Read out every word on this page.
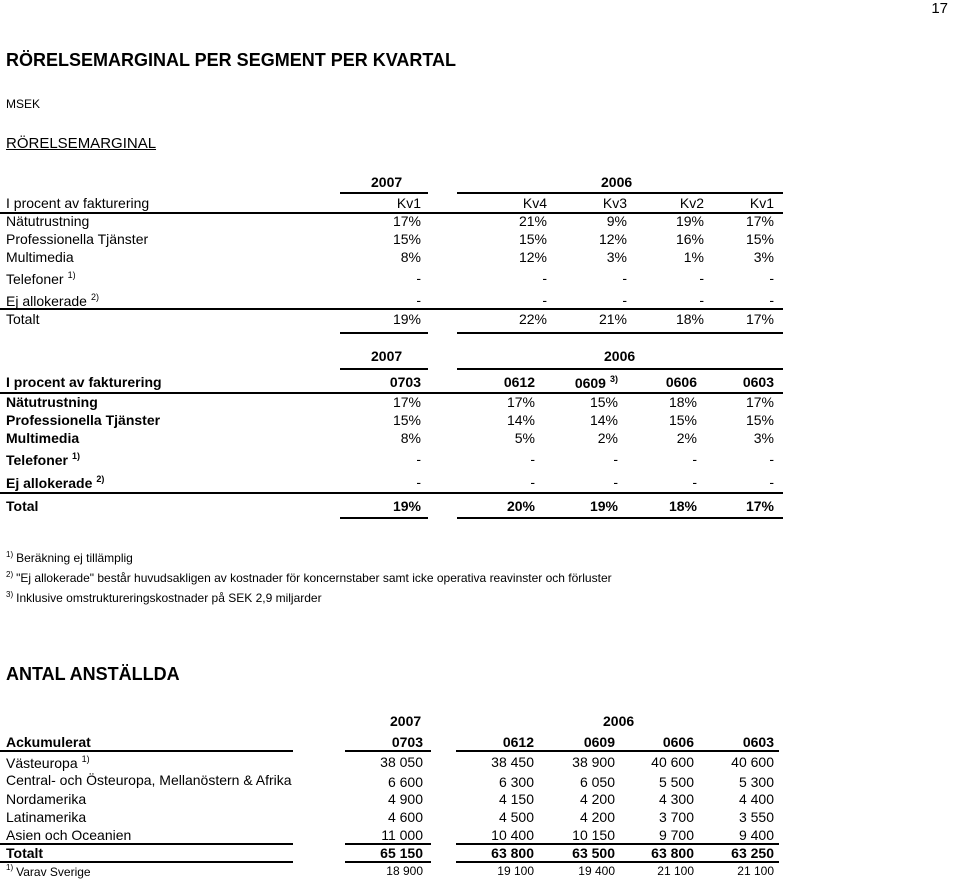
17
RÖRELSEMARGINAL PER SEGMENT PER KVARTAL
MSEK
RÖRELSEMARGINAL
2007	2006
I procent av fakturering	Kv1	Kv4	Kv3	Kv2	Kv1
Nätutrustning	17%	21%	9%	19%	17%
Professionella Tjänster	15%	15%	12%	16%	15%
Multimedia	8%	12%	3%	1%	3%
Telefoner $^{1)}$	-	-	-	-	-
Ej allokerade $^{2)}$	-	-	-	-	-
Totalt	19%	22%	21%	18%	17%
2007	2006
I procent av fakturering	0703	0612	0609 $^{3)}$	0606	0603
Nätutrustning	17%	17%	15%	18%	17%
Professionella Tjänster	15%	14%	14%	15%	15%
Multimedia	8%	5%	2%	2%	3%
Telefoner $^{1)}$	-	-	-	-	-
Ej allokerade $^{2)}$	-	-	-	-	-
Total	19%	20%	19%	18%	17%
$^{1)}$ Beräkning ej tillämplig
$^{2)}$ "Ej allokerade" består huvudsakligen av kostnader för koncernstaber samt icke operativa reavinster och förluster
$^{3)}$ Inklusive omstruktureringskostnader på SEK 2,9 miljarder
ANTAL ANSTÄLLDA
2007	2006
Ackumulerat	0703	0612	0609	0606	0603
Västeuropa $^{1)}$	38 050	38 450	38 900	40 600	40 600
Central- och Östeuropa, Mellanöstern & Afrika	6 600	6 300	6 050	5 500	5 300
Nordamerika	4 900	4 150	4 200	4 300	4 400
Latinamerika	4 600	4 500	4 200	3 700	3 550
Asien och Oceanien	11 000	10 400	10 150	9 700	9 400
Totalt	65 150	63 800	63 500	63 800	63 250
$^{1)}$ Varav Sverige	18 900	19 100	19 400	21 100	21 100
